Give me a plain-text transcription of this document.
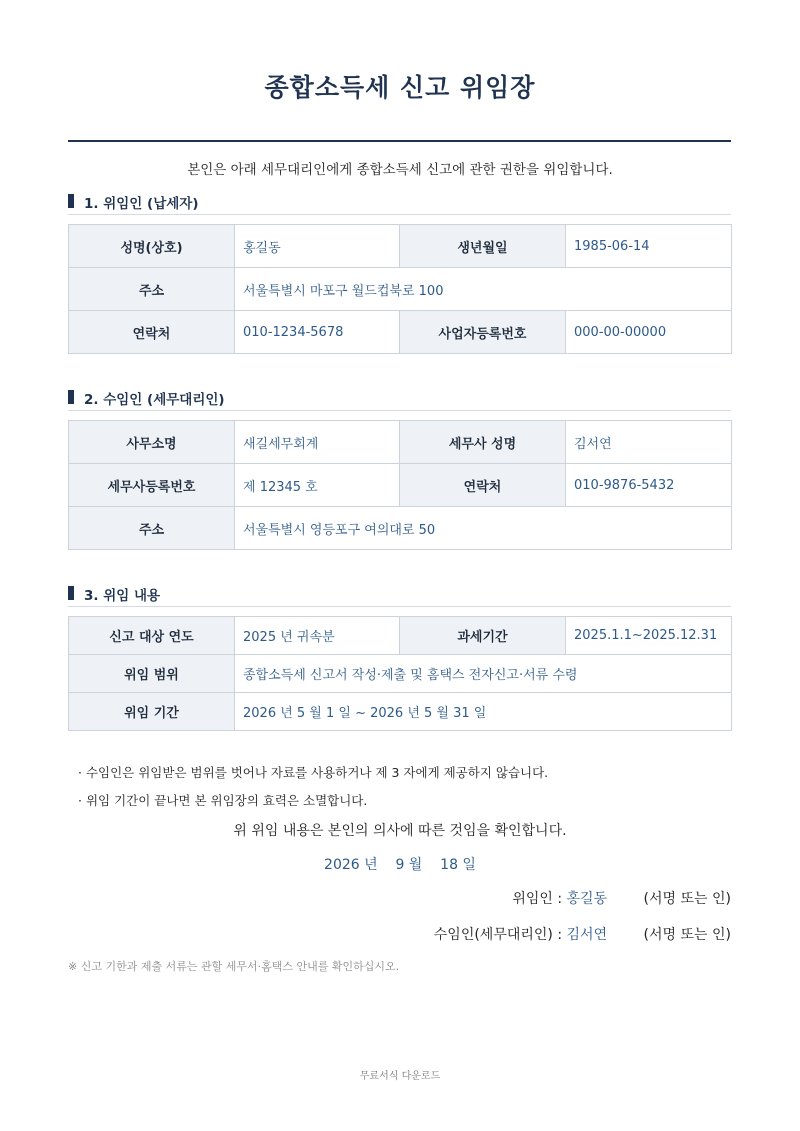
종합소득세 신고 위임장
본인은 아래 세무대리인에게 종합소득세 신고에 관한 권한을 위임합니다.
1. 위임인 (납세자)
성명(상호)	홍길동	생년월일	1985-06-14
주소	서울특별시 마포구 월드컵북로 100		
연락처	010-1234-5678	사업자등록번호	000-00-00000
2. 수임인 (세무대리인)
사무소명	새길세무회계	세무사 성명	김서연
세무사등록번호	제 12345 호	연락처	010-9876-5432
주소	서울특별시 영등포구 여의대로 50		
3. 위임 내용
신고 대상 연도	2025 년 귀속분	과세기간	2025.1.1~2025.12.31
위임 범위	종합소득세 신고서 작성·제출 및 홈택스 전자신고·서류 수령		
위임 기간	2026 년 5 월 1 일 ~ 2026 년 5 월 31 일		
· 수임인은 위임받은 범위를 벗어나 자료를 사용하거나 제 3 자에게 제공하지 않습니다.
· 위임 기간이 끝나면 본 위임장의 효력은 소멸합니다.
위 위임 내용은 본인의 의사에 따른 것임을 확인합니다.
2026 년 9 월 18 일
위임인 : 홍길동	(서명 또는 인)
수임인(세무대리인) : 김서연	(서명 또는 인)
※ 신고 기한과 제출 서류는 관할 세무서·홈택스 안내를 확인하십시오.
무료서식 다운로드
